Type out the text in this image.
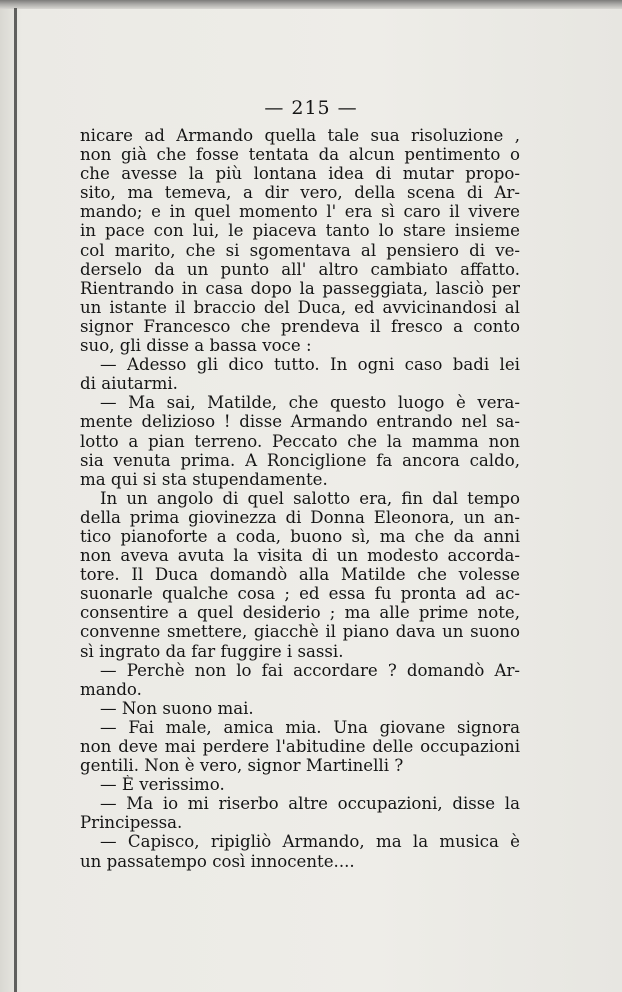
— 215 —
nicare ad Armando quella tale sua risoluzione ,
non già che fosse tentata da alcun pentimento o
che avesse la più lontana idea di mutar propo-
sito, ma temeva, a dir vero, della scena di Ar-
mando; e in quel momento l' era sì caro il vivere
in pace con lui, le piaceva tanto lo stare insieme
col marito, che si sgomentava al pensiero di ve-
derselo da un punto all' altro cambiato affatto.
Rientrando in casa dopo la passeggiata, lasciò per
un istante il braccio del Duca, ed avvicinandosi al
signor Francesco che prendeva il fresco a conto
suo, gli disse a bassa voce :
— Adesso gli dico tutto. In ogni caso badi lei
di aiutarmi.
— Ma sai, Matilde, che questo luogo è vera-
mente delizioso ! disse Armando entrando nel sa-
lotto a pian terreno. Peccato che la mamma non
sia venuta prima. A Ronciglione fa ancora caldo,
ma qui si sta stupendamente.
In un angolo di quel salotto era, fin dal tempo
della prima giovinezza di Donna Eleonora, un an-
tico pianoforte a coda, buono sì, ma che da anni
non aveva avuta la visita di un modesto accorda-
tore. Il Duca domandò alla Matilde che volesse
suonarle qualche cosa ; ed essa fu pronta ad ac-
consentire a quel desiderio ; ma alle prime note,
convenne smettere, giacchè il piano dava un suono
sì ingrato da far fuggire i sassi.
— Perchè non lo fai accordare ? domandò Ar-
mando.
— Non suono mai.
— Fai male, amica mia. Una giovane signora
non deve mai perdere l'abitudine delle occupazioni
gentili. Non è vero, signor Martinelli ?
— È verissimo.
— Ma io mi riserbo altre occupazioni, disse la
Principessa.
— Capisco, ripigliò Armando, ma la musica è
un passatempo così innocente....
